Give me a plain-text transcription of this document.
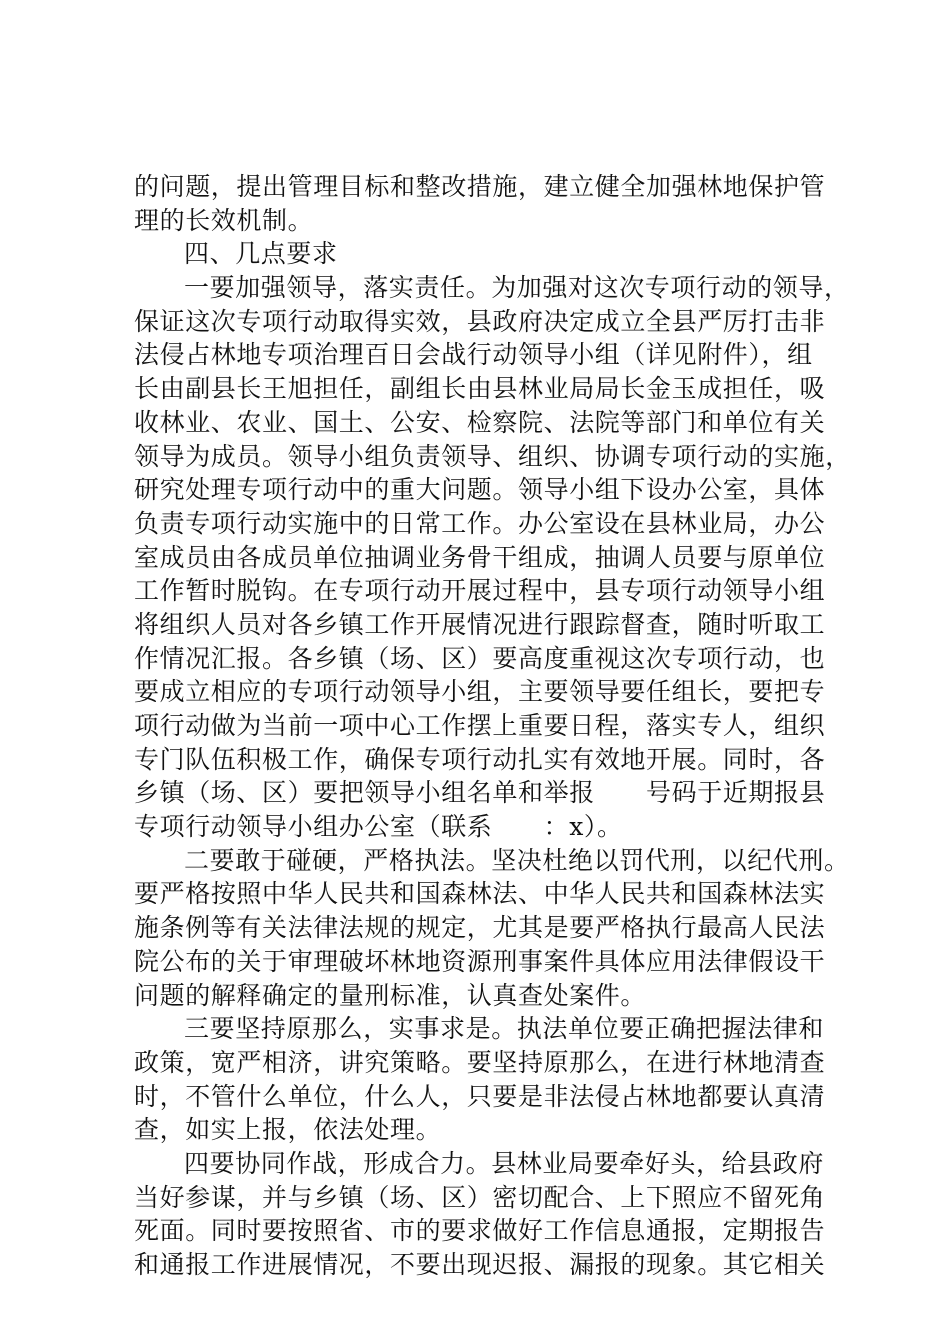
的问题，提出管理目标和整改措施，建立健全加强林地保护管
理的长效机制。
四、几点要求
一要加强领导，落实责任。为加强对这次专项行动的领导，
保证这次专项行动取得实效，县政府决定成立全县严厉打击非
法侵占林地专项治理百日会战行动领导小组（详见附件），组
长由副县长王旭担任，副组长由县林业局局长金玉成担任，吸
收林业、农业、国土、公安、检察院、法院等部门和单位有关
领导为成员。领导小组负责领导、组织、协调专项行动的实施，
研究处理专项行动中的重大问题。领导小组下设办公室，具体
负责专项行动实施中的日常工作。办公室设在县林业局，办公
室成员由各成员单位抽调业务骨干组成，抽调人员要与原单位
工作暂时脱钩。在专项行动开展过程中，县专项行动领导小组
将组织人员对各乡镇工作开展情况进行跟踪督查，随时听取工
作情况汇报。各乡镇（场、区）要高度重视这次专项行动，也
要成立相应的专项行动领导小组，主要领导要任组长，要把专
项行动做为当前一项中心工作摆上重要日程，落实专人，组织
专门队伍积极工作，确保专项行动扎实有效地开展。同时，各
乡镇（场、区）要把领导小组名单和举报　　号码于近期报县
专项行动领导小组办公室（联系　　：x）。
二要敢于碰硬，严格执法。坚决杜绝以罚代刑，以纪代刑。
要严格按照中华人民共和国森林法、中华人民共和国森林法实
施条例等有关法律法规的规定，尤其是要严格执行最高人民法
院公布的关于审理破坏林地资源刑事案件具体应用法律假设干
问题的解释确定的量刑标准，认真查处案件。
三要坚持原那么，实事求是。执法单位要正确把握法律和
政策，宽严相济，讲究策略。要坚持原那么，在进行林地清查
时，不管什么单位，什么人，只要是非法侵占林地都要认真清
查，如实上报，依法处理。
四要协同作战，形成合力。县林业局要牵好头，给县政府
当好参谋，并与乡镇（场、区）密切配合、上下照应不留死角
死面。同时要按照省、市的要求做好工作信息通报，定期报告
和通报工作进展情况，不要出现迟报、漏报的现象。其它相关
